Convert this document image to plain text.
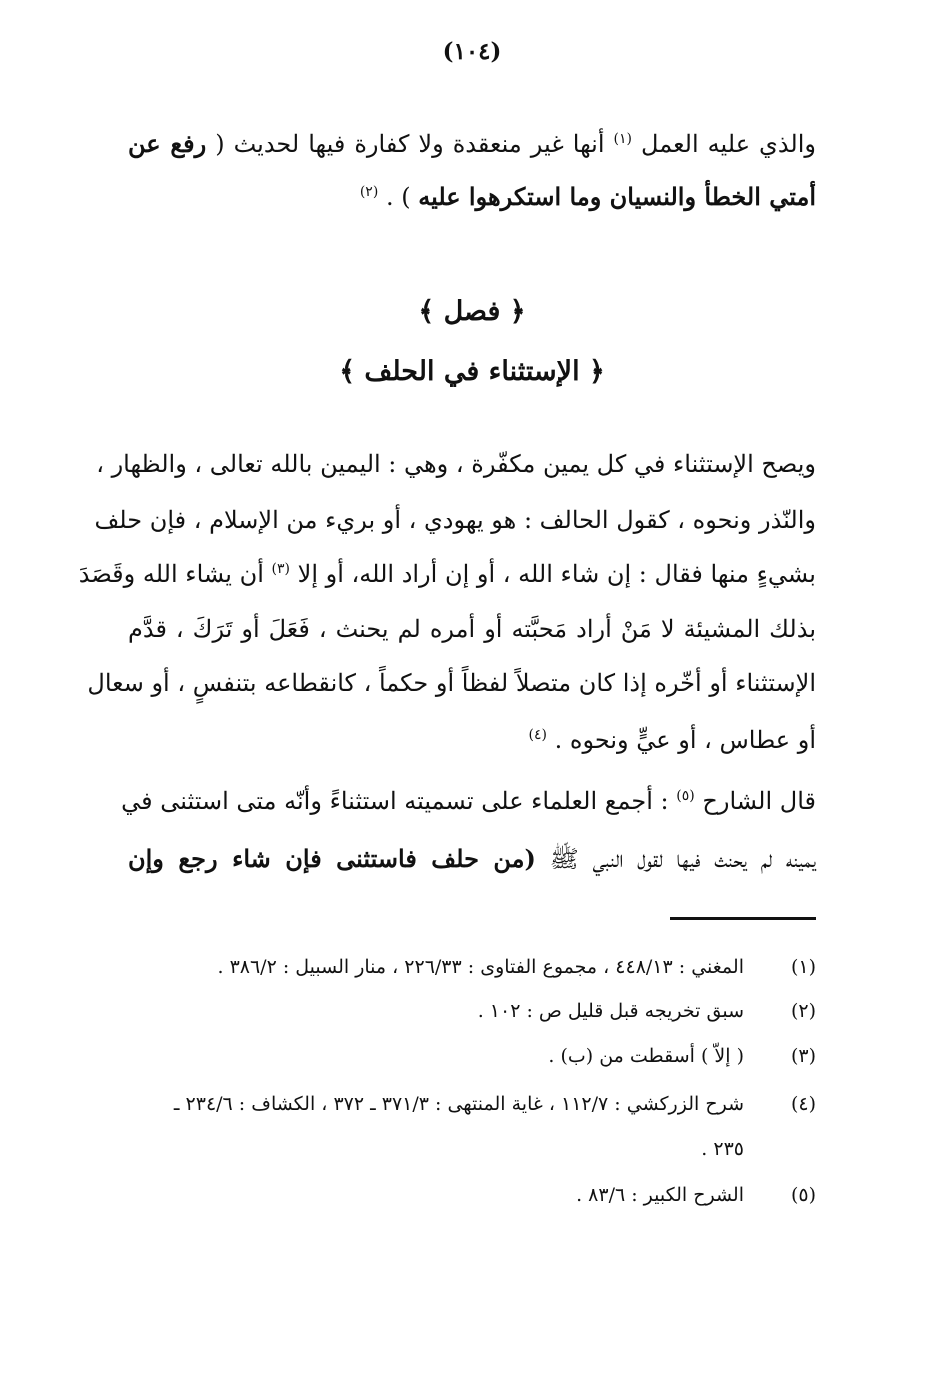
(١٠٤)
والذي عليه العمل $^{(١)}$ أنها غير منعقدة ولا كفارة فيها لحديث ( رفع عن
أمتي الخطأ والنسيان وما استكرهوا عليه ) . $^{(٢)}$
﴿ فصل ﴾
﴿ الإستثناء في الحلف ﴾
ويصح الإستثناء في كل يمين مكفّرة ، وهي : اليمين بالله تعالى ، والظهار ،
والنّذر ونحوه ، كقول الحالف : هو يهودي ، أو بريء من الإسلام ، فإن حلف
بشيءٍ منها فقال : إن شاء الله ، أو إن أراد الله، أو إلا $^{(٣)}$ أن يشاء الله وقَصَدَ
بذلك المشيئة لا مَنْ أراد مَحبَّته أو أمره لم يحنث ، فَعَلَ أو تَرَكَ ، قدَّم
الإستثناء أو أخّره إذا كان متصلاً لفظاً أو حكماً ، كانقطاعه بتنفسٍ ، أو سعال
أو عطاس ، أو عيٍّ ونحوه . $^{(٤)}$
قال الشارح $^{(٥)}$ : أجمع العلماء على تسميته استثناءً وأنّه متى استثنى في
يمينه لم يحنث فيها لقول النبي ﷺ (من حلف فاستثنى فإن شاء رجع وإن
(١)
المغني : ٤٤٨/١٣ ، مجموع الفتاوى : ٢٢٦/٣٣ ، منار السبيل : ٣٨٦/٢ .
(٢)
سبق تخريجه قبل قليل ص : ١٠٢ .
(٣)
( إلاّ ) أسقطت من (ب) .
(٤)
شرح الزركشي : ١١٢/٧ ، غاية المنتهى : ٣٧١/٣ ـ ٣٧٢ ، الكشاف : ٢٣٤/٦ ـ
٢٣٥ .
(٥)
الشرح الكبير : ٨٣/٦ .
